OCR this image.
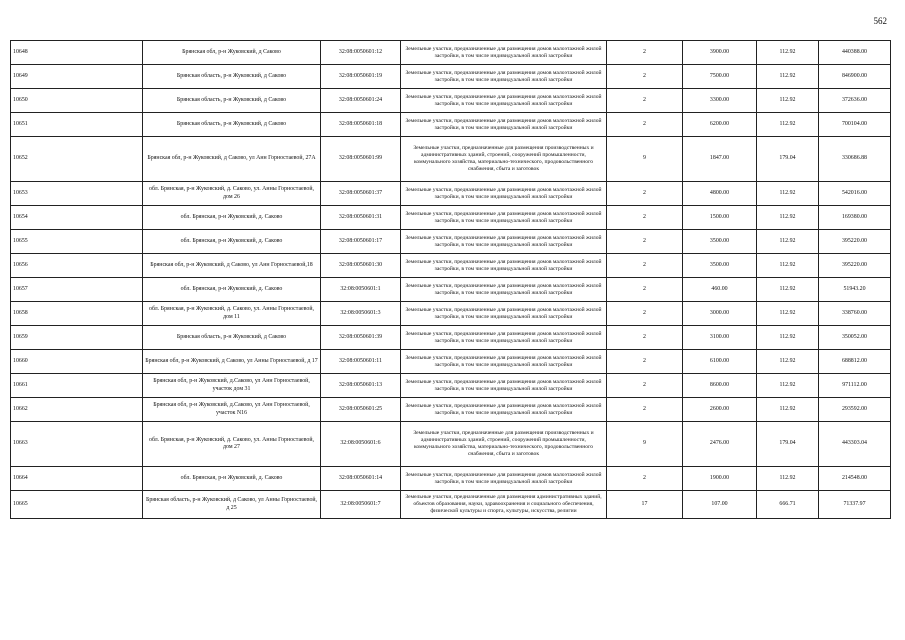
562
10648	Брянская обл, р-н Жуковский, д Саково	32:08:0050601:12	Земельные участки, предназначенные для размещения домов малоэтажной жилой застройки, в том числе индивидуальной жилой застройки	2	3900.00	112.92	440388.00
10649	Брянская область, р-н Жуковский, д Саково	32:08:0050601:19	Земельные участки, предназначенные для размещения домов малоэтажной жилой застройки, в том числе индивидуальной жилой застройки	2	7500.00	112.92	846900.00
10650	Брянская область, р-н Жуковский, д Саково	32:08:0050601:24	Земельные участки, предназначенные для размещения домов малоэтажной жилой застройки, в том числе индивидуальной жилой застройки	2	3300.00	112.92	372636.00
10651	Брянская область, р-н Жуковский, д Саково	32:08:0050601:18	Земельные участки, предназначенные для размещения домов малоэтажной жилой застройки, в том числе индивидуальной жилой застройки	2	6200.00	112.92	700104.00
10652	Брянская обл, р-н Жуковский, д Саково, ул Анн Горностаевой, 27А	32:08:0050601:99	Земельные участки, предназначенные для размещения производственных и административных зданий, строений, сооружений промышленности, коммунального хозяйства, материально-технического, продовольственного снабжения, сбыта и заготовок	9	1847.00	179.04	330686.88
10653	обл. Брянская, р-н Жуковский, д. Саково, ул. Анны Горностаевой, дом 26	32:08:0050601:37	Земельные участки, предназначенные для размещения домов малоэтажной жилой застройки, в том числе индивидуальной жилой застройки	2	4800.00	112.92	542016.00
10654	обл. Брянская, р-н Жуковский, д. Саково	32:08:0050601:31	Земельные участки, предназначенные для размещения домов малоэтажной жилой застройки, в том числе индивидуальной жилой застройки	2	1500.00	112.92	169380.00
10655	обл. Брянская, р-н Жуковский, д. Саково	32:08:0050601:17	Земельные участки, предназначенные для размещения домов малоэтажной жилой застройки, в том числе индивидуальной жилой застройки	2	3500.00	112.92	395220.00
10656	Брянская обл, р-н Жуковский, д Саково, ул Анн Горностаевой,18	32:08:0050601:30	Земельные участки, предназначенные для размещения домов малоэтажной жилой застройки, в том числе индивидуальной жилой застройки	2	3500.00	112.92	395220.00
10657	обл. Брянская, р-н Жуковский, д. Саково	32:08:0050601:1	Земельные участки, предназначенные для размещения домов малоэтажной жилой застройки, в том числе индивидуальной жилой застройки	2	460.00	112.92	51943.20
10658	обл. Брянская, р-н Жуковский, д. Саково, ул. Анны Горностаевой, дом 11	32:08:0050601:3	Земельные участки, предназначенные для размещения домов малоэтажной жилой застройки, в том числе индивидуальной жилой застройки	2	3000.00	112.92	338760.00
10659	Брянская область, р-н Жуковский, д Саково	32:08:0050601:39	Земельные участки, предназначенные для размещения домов малоэтажной жилой застройки, в том числе индивидуальной жилой застройки	2	3100.00	112.92	350052.00
10660	Брянская обл, р-н Жуковский, д Саково, ул Анны Горностаевой, д 17	32:08:0050601:11	Земельные участки, предназначенные для размещения домов малоэтажной жилой застройки, в том числе индивидуальной жилой застройки	2	6100.00	112.92	688812.00
10661	Брянская обл, р-н Жуковский, д.Саково, ул Анн Горностаевой, участок дом 31	32:08:0050601:13	Земельные участки, предназначенные для размещения домов малоэтажной жилой застройки, в том числе индивидуальной жилой застройки	2	8600.00	112.92	971112.00
10662	Брянская обл, р-н Жуковский, д.Саково, ул Анн Горностаевой, участок N16	32:08:0050601:25	Земельные участки, предназначенные для размещения домов малоэтажной жилой застройки, в том числе индивидуальной жилой застройки	2	2600.00	112.92	293592.00
10663	обл. Брянская, р-н Жуковский, д. Саково, ул. Анны Горностаевой, дом 27	32:08:0050601:6	Земельные участки, предназначенные для размещения производственных и административных зданий, строений, сооружений промышленности, коммунального хозяйства, материально-технического, продовольственного снабжения, сбыта и заготовок	9	2476.00	179.04	443303.04
10664	обл. Брянская, р-н Жуковский, д. Саково	32:08:0050601:14	Земельные участки, предназначенные для размещения домов малоэтажной жилой застройки, в том числе индивидуальной жилой застройки	2	1900.00	112.92	214548.00
10665	Брянская область, р-н Жуковский, д Саково, ул Анны Горностаевой, д 25	32:08:0050601:7	Земельные участки, предназначенные для размещения административных зданий, объектов образования, науки, здравоохранения и социального обеспечения, физической культуры и спорта, культуры, искусства, религии	17	107.00	666.71	71337.97
